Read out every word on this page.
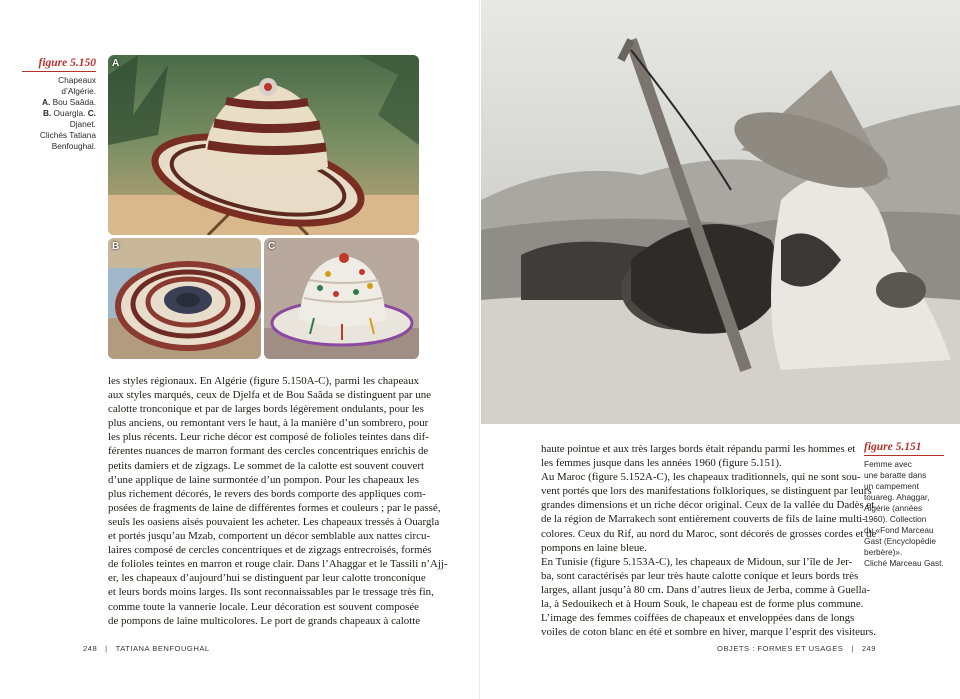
figure 5.150
Chapeaux d’Algérie.
A. Bou Saâda.
B. Ouargla. C. Djanet.
Clichés Tatiana
Benfoughal.
A
B	C
les styles régionaux. En Algérie (figure 5.150A-C), parmi les chapeaux
aux styles marqués, ceux de Djelfa et de Bou Saâda se distinguent par une
calotte tronconique et par de larges bords légèrement ondulants, pour les
plus anciens, ou remontant vers le haut, à la manière d’un sombrero, pour
les plus récents. Leur riche décor est composé de folioles teintes dans dif-
férentes nuances de marron formant des cercles concentriques enrichis de
petits damiers et de zigzags. Le sommet de la calotte est souvent couvert
d’une applique de laine surmontée d’un pompon. Pour les chapeaux les
plus richement décorés, le revers des bords comporte des appliques com-
posées de fragments de laine de différentes formes et couleurs ; par le passé,
seuls les oasiens aisés pouvaient les acheter. Les chapeaux tressés à Ouargla
et portés jusqu’au Mzab, comportent un décor semblable aux nattes circu-
laires composé de cercles concentriques et de zigzags entrecroisés, formés
de folioles teintes en marron et rouge clair. Dans l’Ahaggar et le Tassili n’Ajj-
er, les chapeaux d’aujourd’hui se distinguent par leur calotte tronconique
et leurs bords moins larges. Ils sont reconnaissables par le tressage très fin,
comme toute la vannerie locale. Leur décoration est souvent composée
de pompons de laine multicolores. Le port de grands chapeaux à calotte
248 | TATIANA BENFOUGHAL
figure 5.151
Femme avec
une baratte dans
un campement
touareg. Ahaggar,
Algérie (années
1960). Collection
du «Fond Marceau
Gast (Encyclopédie
berbère)».
Cliché Marceau Gast.
haute pointue et aux très larges bords était répandu parmi les hommes et
les femmes jusque dans les années 1960 (figure 5.151).
Au Maroc (figure 5.152A-C), les chapeaux traditionnels, qui ne sont sou-
vent portés que lors des manifestations folkloriques, se distinguent par leurs
grandes dimensions et un riche décor original. Ceux de la vallée du Dadès et
de la région de Marrakech sont entièrement couverts de fils de laine multi-
colores. Ceux du Rif, au nord du Maroc, sont décorés de grosses cordes et de
pompons en laine bleue.
En Tunisie (figure 5.153A-C), les chapeaux de Midoun, sur l’île de Jer-
ba, sont caractérisés par leur très haute calotte conique et leurs bords très
larges, allant jusqu’à 80 cm. Dans d’autres lieux de Jerba, comme à Guella-
la, à Sedouikech et à Houm Souk, le chapeau est de forme plus commune.
L’image des femmes coiffées de chapeaux et enveloppées dans de longs
voiles de coton blanc en été et sombre en hiver, marque l’esprit des visiteurs.
OBJETS : FORMES ET USAGES | 249
